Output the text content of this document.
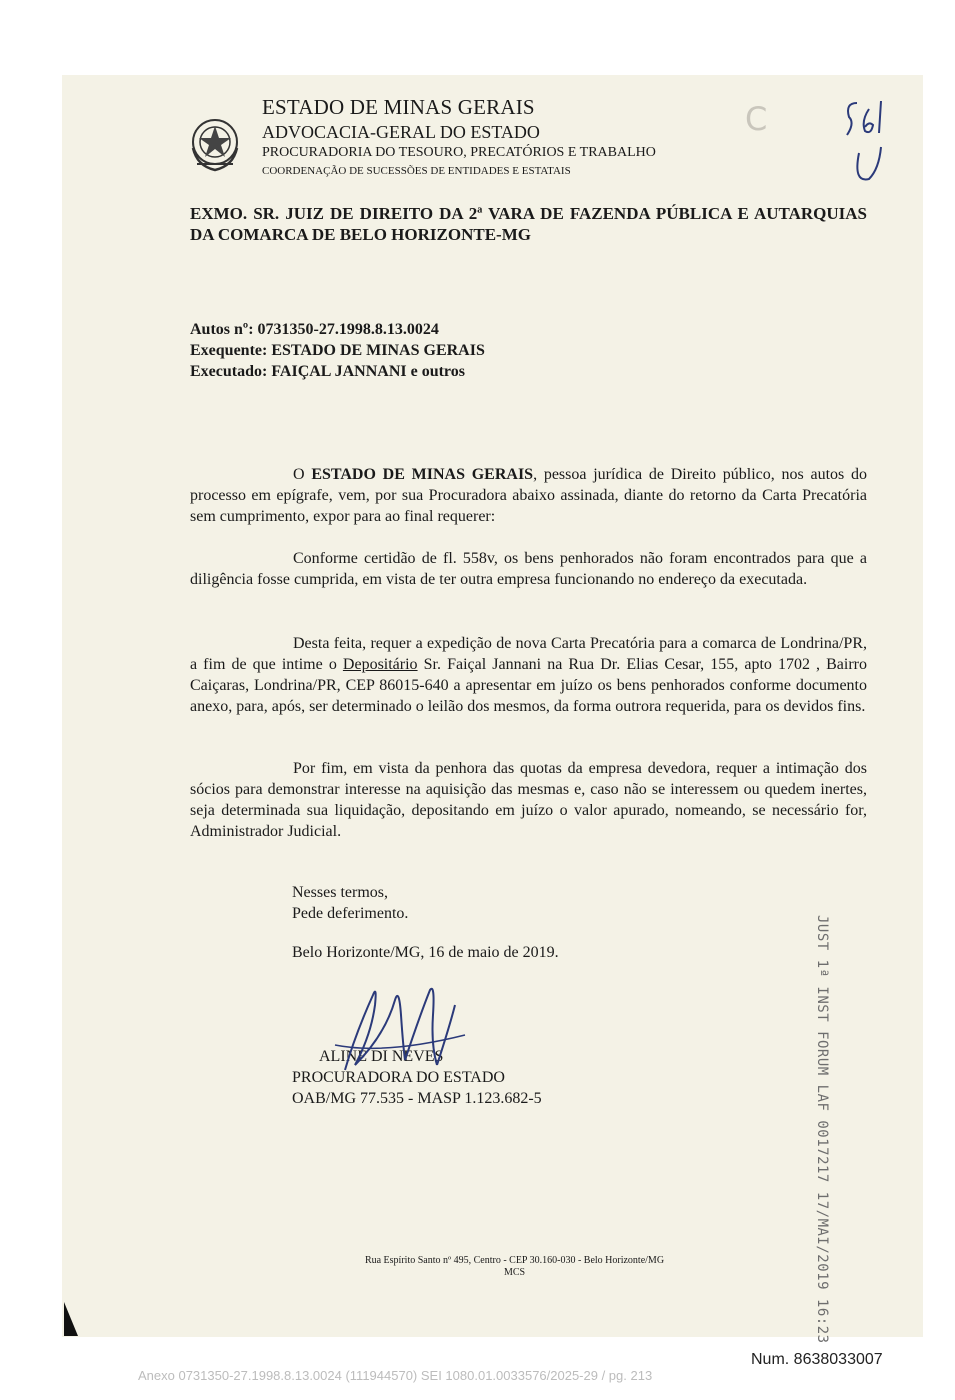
ESTADO DE MINAS GERAIS
ADVOCACIA-GERAL DO ESTADO
PROCURADORIA DO TESOURO, PRECATÓRIOS E TRABALHO
COORDENAÇÃO DE SUCESSÕES DE ENTIDADES E ESTATAIS
C
EXMO. SR. JUIZ DE DIREITO DA 2ª VARA DE FAZENDA PÚBLICA E AUTARQUIAS DA COMARCA DE BELO HORIZONTE-MG
Autos nº: 0731350-27.1998.8.13.0024
Exequente: ESTADO DE MINAS GERAIS
Executado: FAIÇAL JANNANI e outros
O ESTADO DE MINAS GERAIS, pessoa jurídica de Direito público, nos autos do processo em epígrafe, vem, por sua Procuradora abaixo assinada, diante do retorno da Carta Precatória sem cumprimento, expor para ao final requerer:
Conforme certidão de fl. 558v, os bens penhorados não foram encontrados para que a diligência fosse cumprida, em vista de ter outra empresa funcionando no endereço da executada.
Desta feita, requer a expedição de nova Carta Precatória para a comarca de Londrina/PR, a fim de que intime o Depositário Sr. Faiçal Jannani na Rua Dr. Elias Cesar, 155, apto 1702 , Bairro Caiçaras, Londrina/PR, CEP 86015-640 a apresentar em juízo os bens penhorados conforme documento anexo, para, após, ser determinado o leilão dos mesmos, da forma outrora requerida, para os devidos fins.
Por fim, em vista da penhora das quotas da empresa devedora, requer a intimação dos sócios para demonstrar interesse na aquisição das mesmas e, caso não se interessem ou quedem inertes, seja determinada sua liquidação, depositando em juízo o valor apurado, nomeando, se necessário for, Administrador Judicial.
Nesses termos,
Pede deferimento.
Belo Horizonte/MG, 16 de maio de 2019.
ALINE DI NEVES
PROCURADORA DO ESTADO
OAB/MG 77.535 - MASP 1.123.682-5	JUST 1ª INST FORUM LAF 0017217 17/MAI/2019 16:23
Rua Espírito Santo nº 495, Centro - CEP 30.160-030 - Belo Horizonte/MG
MCS
Num. 8638033007
Anexo 0731350-27.1998.8.13.0024 (111944570) SEI 1080.01.0033576/2025-29 / pg. 213
